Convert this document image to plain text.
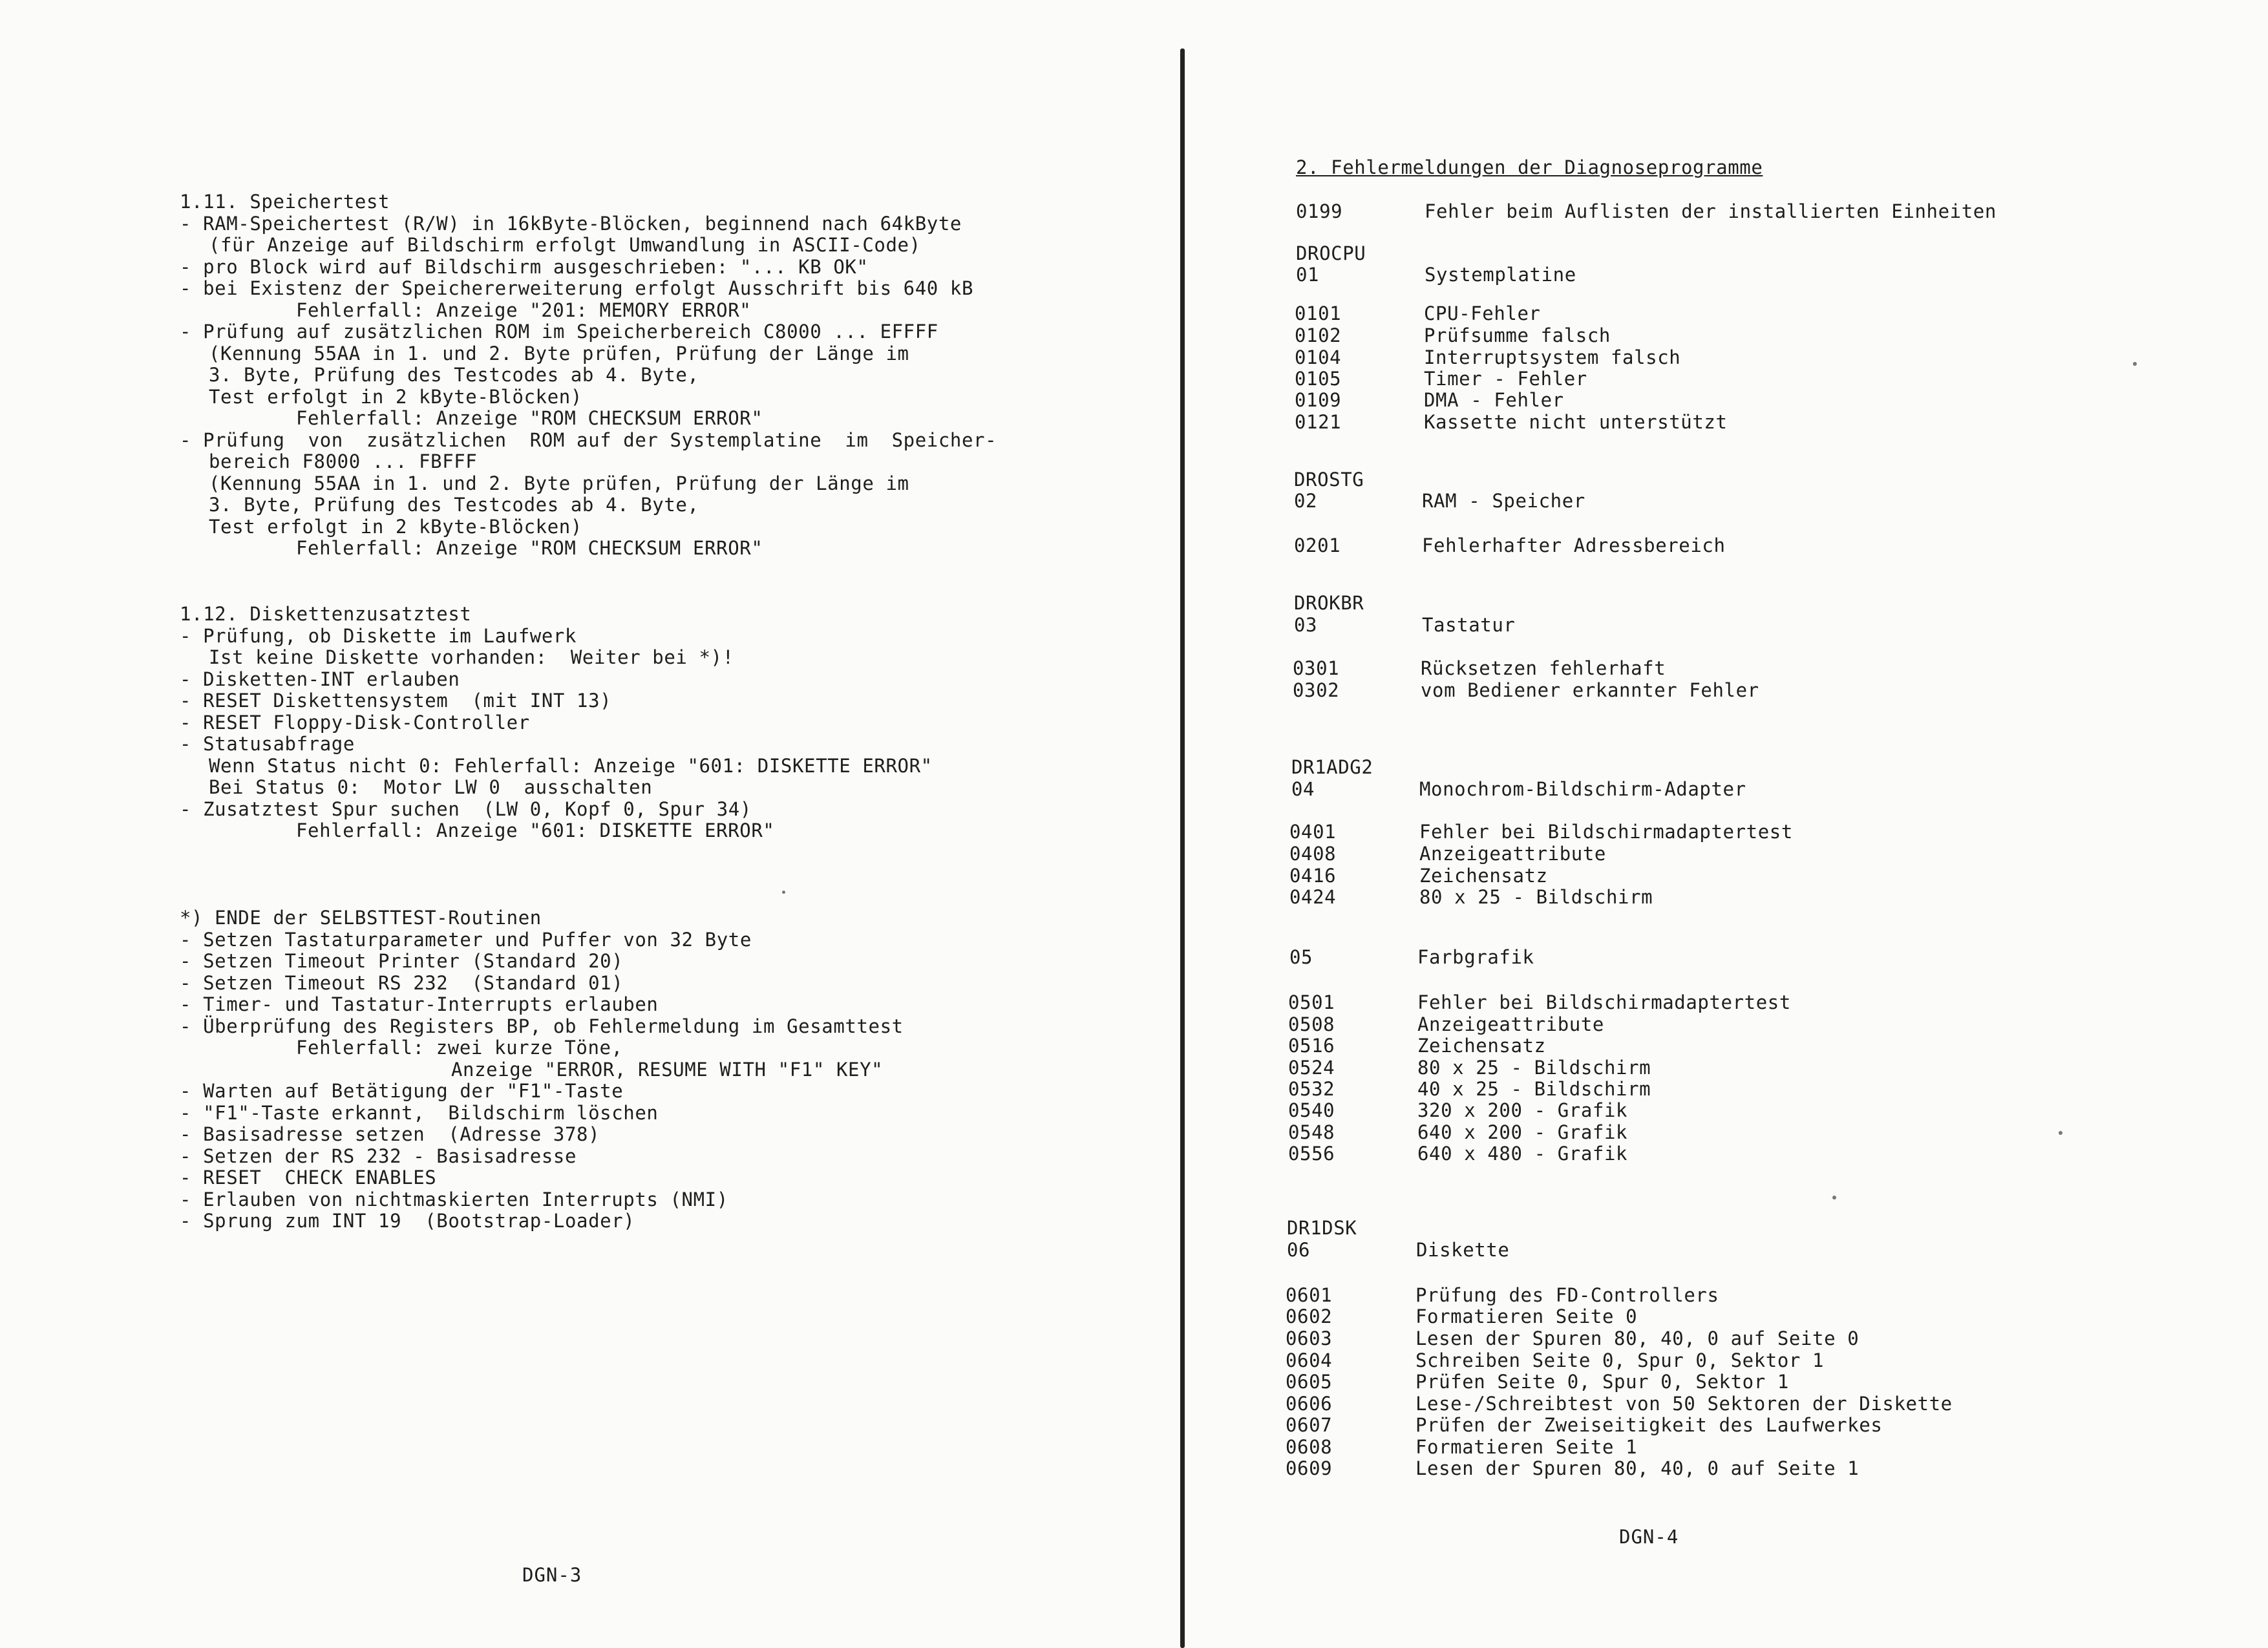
1.11. Speichertest
- RAM-Speichertest (R/W) in 16kByte-Blöcken, beginnend nach 64kByte
(für Anzeige auf Bildschirm erfolgt Umwandlung in ASCII-Code)
- pro Block wird auf Bildschirm ausgeschrieben: "... KB OK"
- bei Existenz der Speichererweiterung erfolgt Ausschrift bis 640 kB
Fehlerfall: Anzeige "201: MEMORY ERROR"
- Prüfung auf zusätzlichen ROM im Speicherbereich C8000 ... EFFFF
(Kennung 55AA in 1. und 2. Byte prüfen, Prüfung der Länge im
3. Byte, Prüfung des Testcodes ab 4. Byte,
Test erfolgt in 2 kByte-Blöcken)
Fehlerfall: Anzeige "ROM CHECKSUM ERROR"
- Prüfung  von  zusätzlichen  ROM auf der Systemplatine  im  Speicher-
bereich F8000 ... FBFFF
(Kennung 55AA in 1. und 2. Byte prüfen, Prüfung der Länge im
3. Byte, Prüfung des Testcodes ab 4. Byte,
Test erfolgt in 2 kByte-Blöcken)
Fehlerfall: Anzeige "ROM CHECKSUM ERROR"
1.12. Diskettenzusatztest
- Prüfung, ob Diskette im Laufwerk
Ist keine Diskette vorhanden:  Weiter bei *)!
- Disketten-INT erlauben
- RESET Diskettensystem  (mit INT 13)
- RESET Floppy-Disk-Controller
- Statusabfrage
Wenn Status nicht 0: Fehlerfall: Anzeige "601: DISKETTE ERROR"
Bei Status 0:  Motor LW 0  ausschalten
- Zusatztest Spur suchen  (LW 0, Kopf 0, Spur 34)
Fehlerfall: Anzeige "601: DISKETTE ERROR"
*) ENDE der SELBSTTEST-Routinen
- Setzen Tastaturparameter und Puffer von 32 Byte
- Setzen Timeout Printer (Standard 20)
- Setzen Timeout RS 232  (Standard 01)
- Timer- und Tastatur-Interrupts erlauben
- Überprüfung des Registers BP, ob Fehlermeldung im Gesamttest
Fehlerfall: zwei kurze Töne,
Anzeige "ERROR, RESUME WITH "F1" KEY"
- Warten auf Betätigung der "F1"-Taste
- "F1"-Taste erkannt,  Bildschirm löschen
- Basisadresse setzen  (Adresse 378)
- Setzen der RS 232 - Basisadresse
- RESET  CHECK ENABLES
- Erlauben von nichtmaskierten Interrupts (NMI)
- Sprung zum INT 19  (Bootstrap-Loader)
DGN-3
2. Fehlermeldungen der Diagnoseprogramme
0199	Fehler beim Auflisten der installierten Einheiten
DROCPU
01	Systemplatine
0101	CPU-Fehler
0102	Prüfsumme falsch
0104	Interruptsystem falsch
0105	Timer - Fehler
0109	DMA - Fehler
0121	Kassette nicht unterstützt
DROSTG
02	RAM - Speicher
0201	Fehlerhafter Adressbereich
DROKBR
03	Tastatur
0301	Rücksetzen fehlerhaft
0302	vom Bediener erkannter Fehler
DR1ADG2
04	Monochrom-Bildschirm-Adapter
0401	Fehler bei Bildschirmadaptertest
0408	Anzeigeattribute
0416	Zeichensatz
0424	80 x 25 - Bildschirm
05	Farbgrafik
0501	Fehler bei Bildschirmadaptertest
0508	Anzeigeattribute
0516	Zeichensatz
0524	80 x 25 - Bildschirm
0532	40 x 25 - Bildschirm
0540	320 x 200 - Grafik
0548	640 x 200 - Grafik
0556	640 x 480 - Grafik
DR1DSK
06	Diskette
0601	Prüfung des FD-Controllers
0602	Formatieren Seite 0
0603	Lesen der Spuren 80, 40, 0 auf Seite 0
0604	Schreiben Seite 0, Spur 0, Sektor 1
0605	Prüfen Seite 0, Spur 0, Sektor 1
0606	Lese-/Schreibtest von 50 Sektoren der Diskette
0607	Prüfen der Zweiseitigkeit des Laufwerkes
0608	Formatieren Seite 1
0609	Lesen der Spuren 80, 40, 0 auf Seite 1
DGN-4
